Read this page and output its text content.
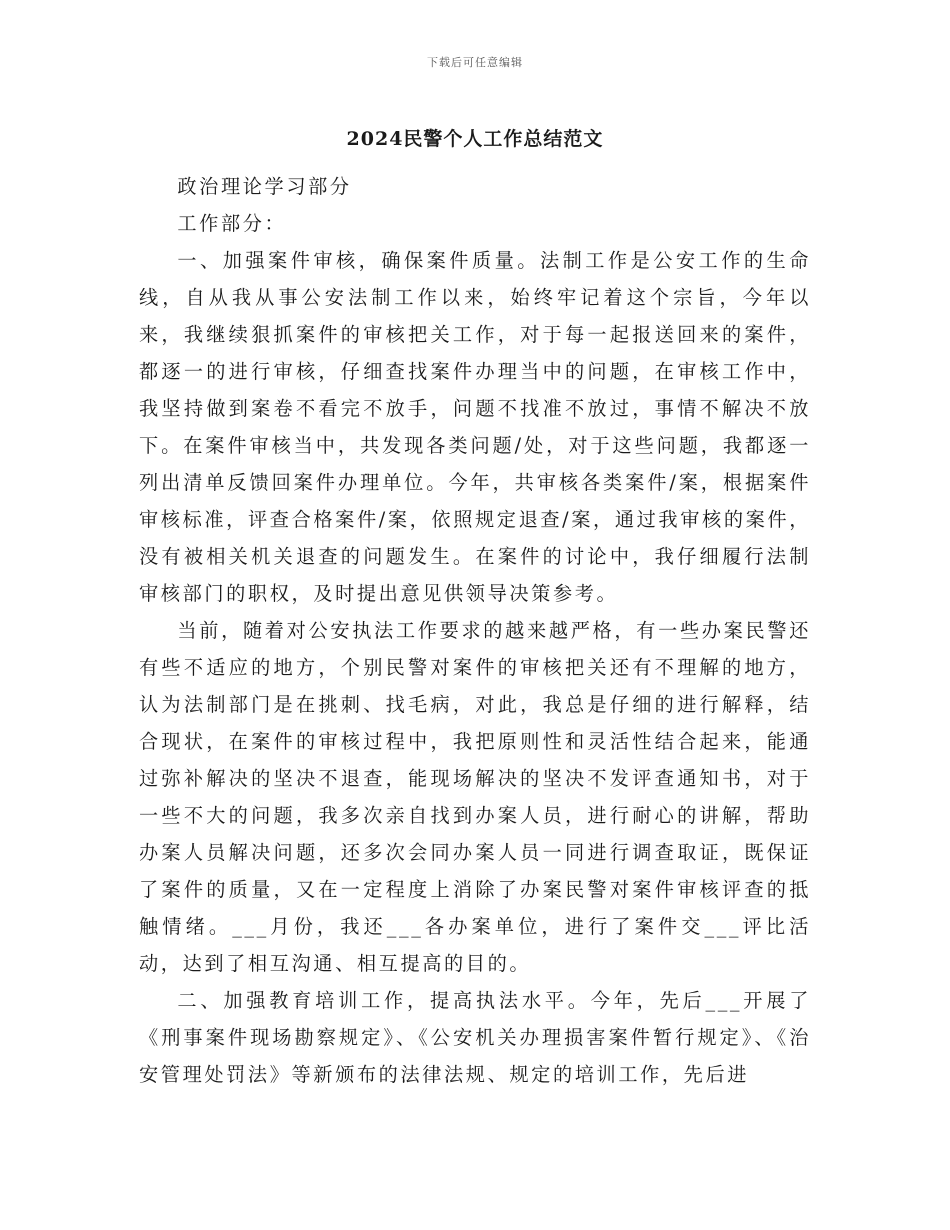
下载后可任意编辑
2024民警个人工作总结范文

政治理论学习部分

工作部分：

一、加强案件审核，确保案件质量。法制工作是公安工作的生命线，自从我从事公安法制工作以来，始终牢记着这个宗旨，今年以来，我继续狠抓案件的审核把关工作，对于每一起报送回来的案件，都逐一的进行审核，仔细查找案件办理当中的问题，在审核工作中，我坚持做到案卷不看完不放手，问题不找准不放过，事情不解决不放下。在案件审核当中，共发现各类问题/处，对于这些问题，我都逐一列出清单反馈回案件办理单位。今年，共审核各类案件/案，根据案件审核标准，评查合格案件/案，依照规定退查/案，通过我审核的案件，没有被相关机关退查的问题发生。在案件的讨论中，我仔细履行法制审核部门的职权，及时提出意见供领导决策参考。

当前，随着对公安执法工作要求的越来越严格，有一些办案民警还有些不适应的地方，个别民警对案件的审核把关还有不理解的地方，认为法制部门是在挑刺、找毛病，对此，我总是仔细的进行解释，结合现状，在案件的审核过程中，我把原则性和灵活性结合起来，能通过弥补解决的坚决不退查，能现场解决的坚决不发评查通知书，对于一些不大的问题，我多次亲自找到办案人员，进行耐心的讲解，帮助办案人员解决问题，还多次会同办案人员一同进行调查取证，既保证了案件的质量，又在一定程度上消除了办案民警对案件审核评查的抵触情绪。___月份，我还___各办案单位，进行了案件交___评比活动，达到了相互沟通、相互提高的目的。

二、加强教育培训工作，提高执法水平。今年，先后___开展了《刑事案件现场勘察规定》、《公安机关办理损害案件暂行规定》、《治安管理处罚法》等新颁布的法律法规、规定的培训工作，先后进
